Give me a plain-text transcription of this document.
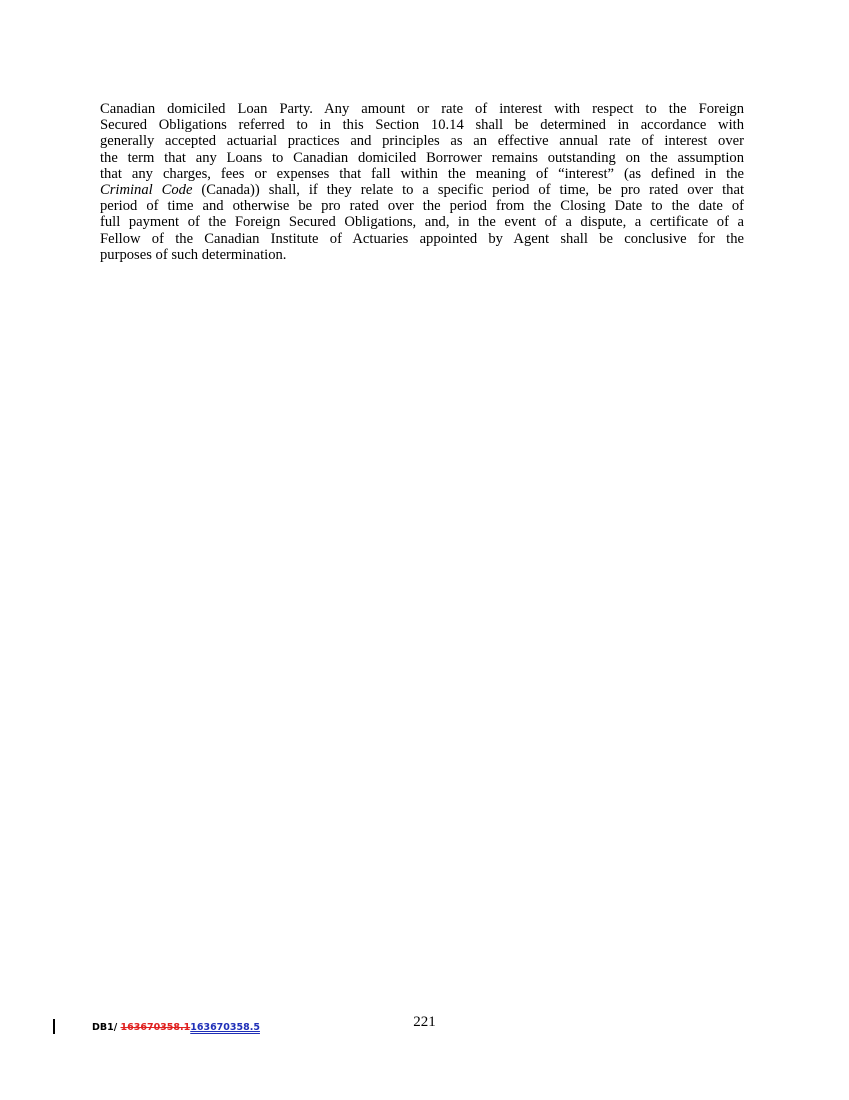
Canadian domiciled Loan Party. Any amount or rate of interest with respect to the Foreign
Secured Obligations referred to in this Section 10.14 shall be determined in accordance with
generally accepted actuarial practices and principles as an effective annual rate of interest over
the term that any Loans to Canadian domiciled Borrower remains outstanding on the assumption
that any charges, fees or expenses that fall within the meaning of “interest” (as defined in the
Criminal Code (Canada)) shall, if they relate to a specific period of time, be pro rated over that
period of time and otherwise be pro rated over the period from the Closing Date to the date of
full payment of the Foreign Secured Obligations, and, in the event of a dispute, a certificate of a
Fellow of the Canadian Institute of Actuaries appointed by Agent shall be conclusive for the
purposes of such determination.
DB1/ 163670358.1163670358.5	221
